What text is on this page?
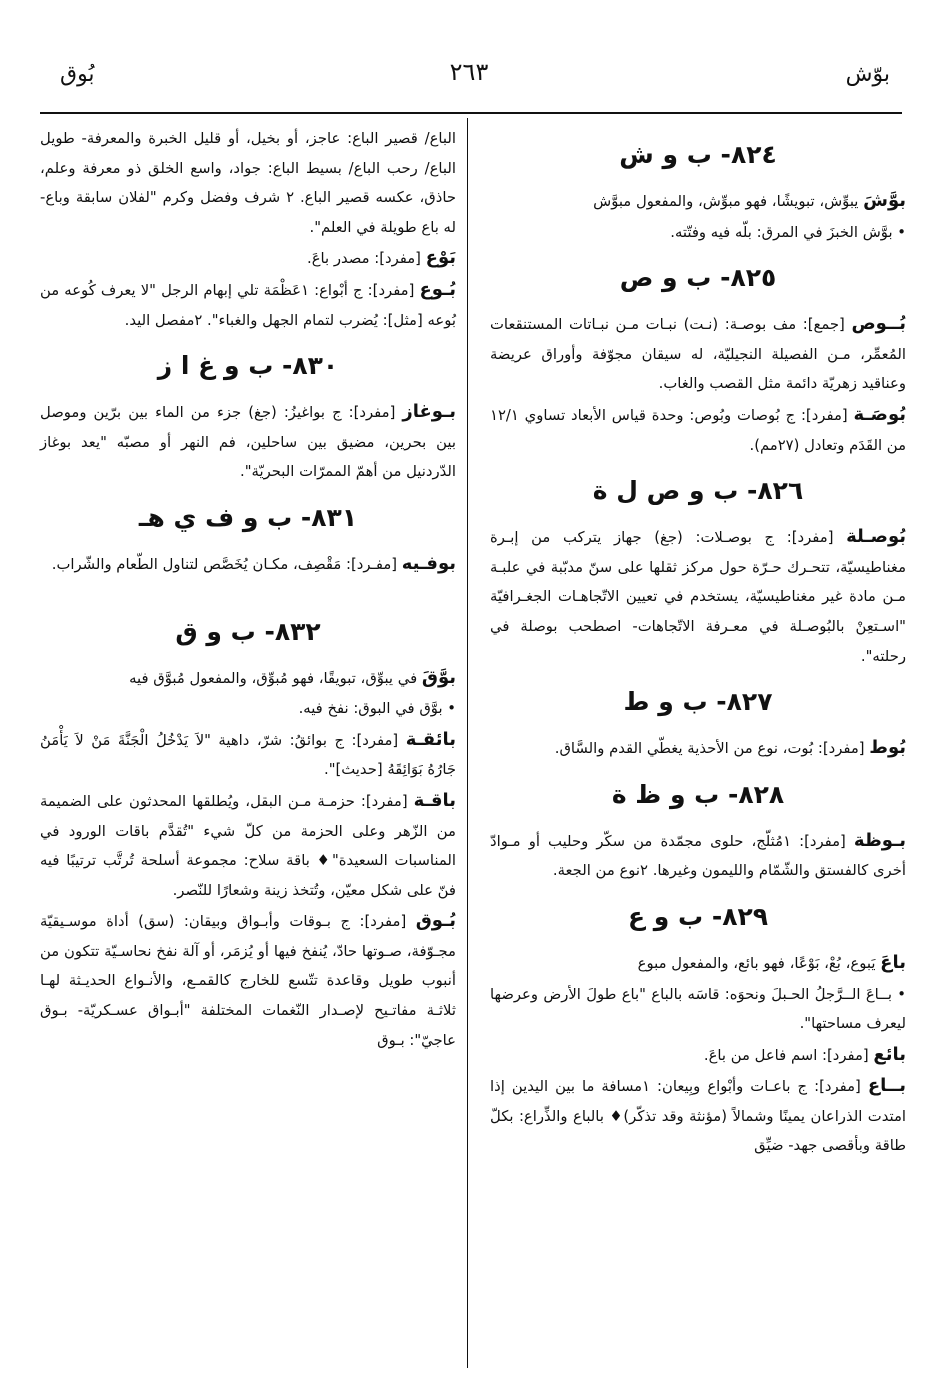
بوّش
٢٦٣
بُوق
٨٢٤- ب و ش

بوَّشَ يبوِّش، تبويشًا، فهو مبوِّش، والمفعول مبوَّش

• بوَّش الخبزَ في المرق: بلّه فيه وفتّته.

٨٢٥- ب و ص

بُــوص [جمع]: مف بوصـة: (نـت) نبـات مـن نبـاتات المستنقعات المُعمِّر، مـن الفصيلة النجيليّة، له سيقان مجوّفة وأوراق عريضة وعناقيد زهريّة دائمة مثل القصب والغاب.

بُوصَـة [مفرد]: ج بُوصات وبُوص: وحدة قياس الأبعاد تساوي ١٢/١ من القَدَم وتعادل (٢٧مم).

٨٢٦- ب و ص ل ة

بُوصـلة [مفرد]: ج بوصـلات: (جغ) جهاز يتركب من إبـرة مغناطيسيّة، تتحـرك حـرّة حول مركز ثقلها على سنّ مدبّبة في علبـة مـن مادة غير مغناطيسيّة، يستخدم في تعيين الاتّجاهـات الجغـرافيّة "اسـتعِنْ بالبُوصـلة في معـرفة الاتّجاهات- اصطحب بوصلة في رحلته".

٨٢٧- ب و ط

بُوط [مفرد]: بُوت، نوع من الأحذية يغطّي القدم والسَّاق.

٨٢٨- ب و ظ ة

بـوظة [مفرد]: ١مُثلّج، حلوى مجمّدة من سكّر وحليب أو مـوادّ أخرى كالفستق والشّمّام والليمون وغيرها. ٢نوع من الجعة.

٨٢٩- ب و ع

باعَ يَبوع، بُعْ، بَوْعًا، فهو بائع، والمفعول مبوع

• بــاعَ الــرَّجلُ الحـبلَ ونحوَه: قاسَه بالباع "باع طولَ الأرض وعرضها ليعرف مساحتها".

بائع [مفرد]: اسم فاعل من باعَ.

بــاع [مفرد]: ج باعـات وأبْواع وبِيعان: ١مسافة ما بين اليدين إذا امتدت الذراعان يمينًا وشمالاً (مؤنثة وقد تذكّر)♦ بالباع والذِّراع: بكلّ طاقة وبأقصى جهد- ضيِّق

الباع/ قصير الباع: عاجز، أو بخيل، أو قليل الخبرة والمعرفة- طويل الباع/ رحب الباع/ بسيط الباع: جواد، واسع الخلق ذو معرفة وعلم، حاذق، عكسه قصير الباع. ٢ شرف وفضل وكرم "لفلان سابقة وباع- له باع طويلة في العلم".

بَوْع [مفرد]: مصدر باعَ.

بُـوع [مفرد]: ج أبْواع: ١عَظْمَة تلي إبهام الرجل "لا يعرف كُوعه من بُوعه [مثل]: يُضرب لتمام الجهل والغباء". ٢مفصل اليد.

٨٣٠- ب و غ ا ز

بـوغاز [مفرد]: ج بواغيزُ: (جغ) جزء من الماء بين برّين وموصل بين بحرين، مضيق بين ساحلين، فم النهر أو مصبّه "يعد بوغاز الدّردنيل من أهمّ الممرّات البحريّة".

٨٣١- ب و ف ي هـ

بوفـيه [مفـرد]: مَقْصِف، مكـان يُخَصَّص لتناول الطّعام والشّراب.

٨٣٢- ب و ق

بوَّقَ في يبوِّق، تبويقًا، فهو مُبوِّق، والمفعول مُبوَّق فيه

• بوَّق في البوق: نفخ فيه.

بائقـة [مفرد]: ج بوائقُ: شرّ، داهية "لاَ يَدْخُلُ الْجَنَّةَ مَنْ لاَ يَأْمَنُ جَارُهُ بَوَائِقَهُ [حديث]".

باقـة [مفرد]: حزمـة مـن البقل، ويُطلقها المحدثون على الضميمة من الزّهر وعلى الحزمة من كلّ شيء "تُقدَّم باقات الورود في المناسبات السعيدة"♦ باقة سلاح: مجموعة أسلحة تُرتَّب ترتيبًا فيه فنّ على شكل معيّن، وتُتخذ زينة وشعارًا للنّصر.

بُـوق [مفرد]: ج بـوقات وأبـواق وبيقان: (سق) أداة موسـيقيّة مجـوّفة، صـوتها حادّ، يُنفخ فيها أو يُزمَر، أو آلة نفخ نحاسـيّة تتكون من أنبوب طويل وقاعدة تتّسع للخارج كالقمـع، والأنـواع الحديـثة لهـا ثلاثـة مفاتـيح لإصـدار النّغمات المختلفة "أبـواق عسـكريّة- بـوق عاجيّ": بـوق
